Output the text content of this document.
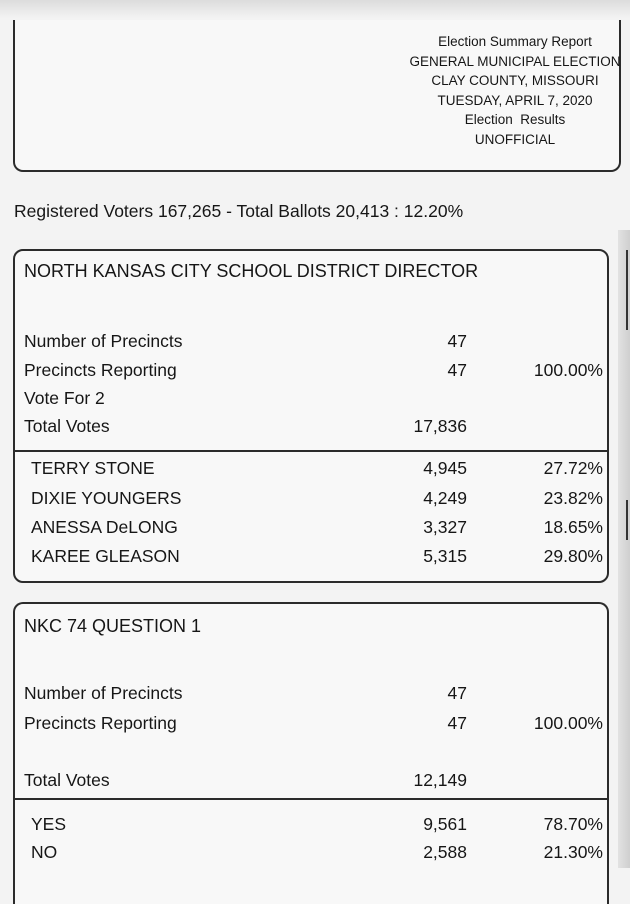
Election Summary Report
GENERAL MUNICIPAL ELECTION
CLAY COUNTY, MISSOURI
TUESDAY, APRIL 7, 2020
Election  Results
UNOFFICIAL
Registered Voters 167,265 - Total Ballots 20,413 : 12.20%
NORTH KANSAS CITY SCHOOL DISTRICT DIRECTOR
Number of Precincts	47
Precincts Reporting	47	100.00%
Vote For 2
Total Votes	17,836
TERRY STONE	4,945	27.72%
DIXIE YOUNGERS	4,249	23.82%
ANESSA DeLONG	3,327	18.65%
KAREE GLEASON	5,315	29.80%
NKC 74 QUESTION 1
Number of Precincts	47
Precincts Reporting	47	100.00%
Total Votes	12,149
YES	9,561	78.70%
NO	2,588	21.30%
